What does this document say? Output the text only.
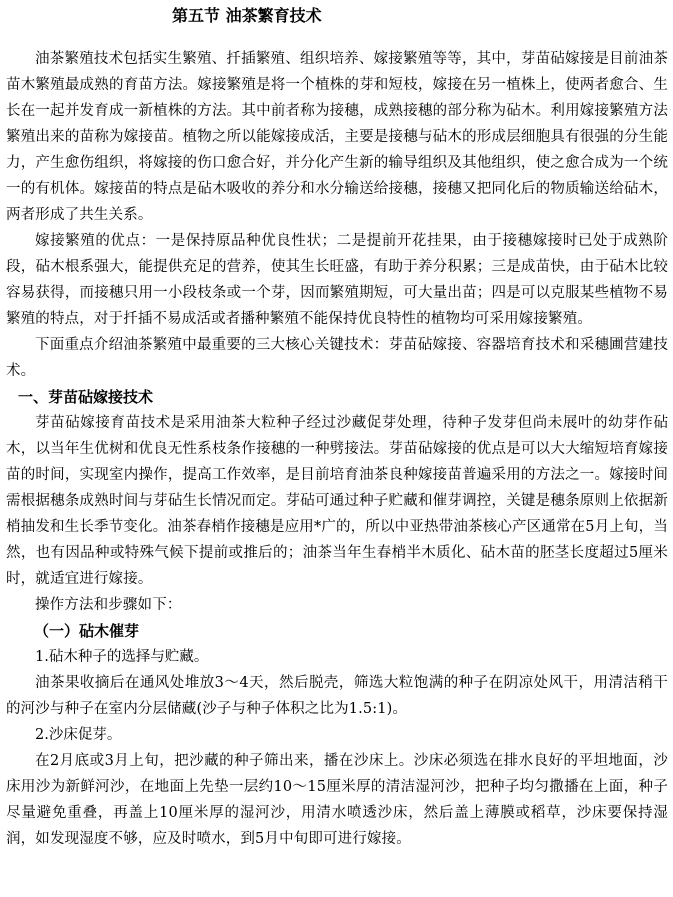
第五节 油茶繁育技术

油茶繁殖技术包括实生繁殖、扦插繁殖、组织培养、嫁接繁殖等等，其中，芽苗砧嫁接是目前油茶苗木繁殖最成熟的育苗方法。嫁接繁殖是将一个植株的芽和短枝，嫁接在另一植株上，使两者愈合、生长在一起并发育成一新植株的方法。其中前者称为接穗，成熟接穗的部分称为砧木。利用嫁接繁殖方法繁殖出来的苗称为嫁接苗。植物之所以能嫁接成活，主要是接穗与砧木的形成层细胞具有很强的分生能力，产生愈伤组织，将嫁接的伤口愈合好，并分化产生新的输导组织及其他组织，使之愈合成为一个统一的有机体。嫁接苗的特点是砧木吸收的养分和水分输送给接穗，接穗又把同化后的物质输送给砧木，两者形成了共生关系。

嫁接繁殖的优点：一是保持原品种优良性状；二是提前开花挂果，由于接穗嫁接时已处于成熟阶段，砧木根系强大，能提供充足的营养，使其生长旺盛，有助于养分积累；三是成苗快，由于砧木比较容易获得，而接穗只用一小段枝条或一个芽，因而繁殖期短，可大量出苗；四是可以克服某些植物不易繁殖的特点，对于扦插不易成活或者播种繁殖不能保持优良特性的植物均可采用嫁接繁殖。

下面重点介绍油茶繁殖中最重要的三大核心关键技术：芽苗砧嫁接、容器培育技术和采穗圃营建技术。

一、芽苗砧嫁接技术

芽苗砧嫁接育苗技术是采用油茶大粒种子经过沙藏促芽处理，待种子发芽但尚未展叶的幼芽作砧木，以当年生优树和优良无性系枝条作接穗的一种劈接法。芽苗砧嫁接的优点是可以大大缩短培育嫁接苗的时间，实现室内操作，提高工作效率，是目前培育油茶良种嫁接苗普遍采用的方法之一。嫁接时间需根据穗条成熟时间与芽砧生长情况而定。芽砧可通过种子贮藏和催芽调控，关键是穗条原则上依据新梢抽发和生长季节变化。油茶春梢作接穗是应用*广的，所以中亚热带油茶核心产区通常在5月上旬，当然，也有因品种或特殊气候下提前或推后的；油茶当年生春梢半木质化、砧木苗的胚茎长度超过5厘米时，就适宜进行嫁接。

操作方法和步骤如下：

（一）砧木催芽

1.砧木种子的选择与贮藏。

油茶果收摘后在通风处堆放3～4天，然后脱壳，筛选大粒饱满的种子在阴凉处风干，用清洁稍干的河沙与种子在室内分层储藏(沙子与种子体积之比为1.5:1)。

2.沙床促芽。

在2月底或3月上旬，把沙藏的种子筛出来，播在沙床上。沙床必须选在排水良好的平坦地面，沙床用沙为新鲜河沙，在地面上先垫一层约10～15厘米厚的清洁湿河沙，把种子均匀撒播在上面，种子尽量避免重叠，再盖上10厘米厚的湿河沙，用清水喷透沙床，然后盖上薄膜或稻草，沙床要保持湿润，如发现湿度不够，应及时喷水，到5月中旬即可进行嫁接。
